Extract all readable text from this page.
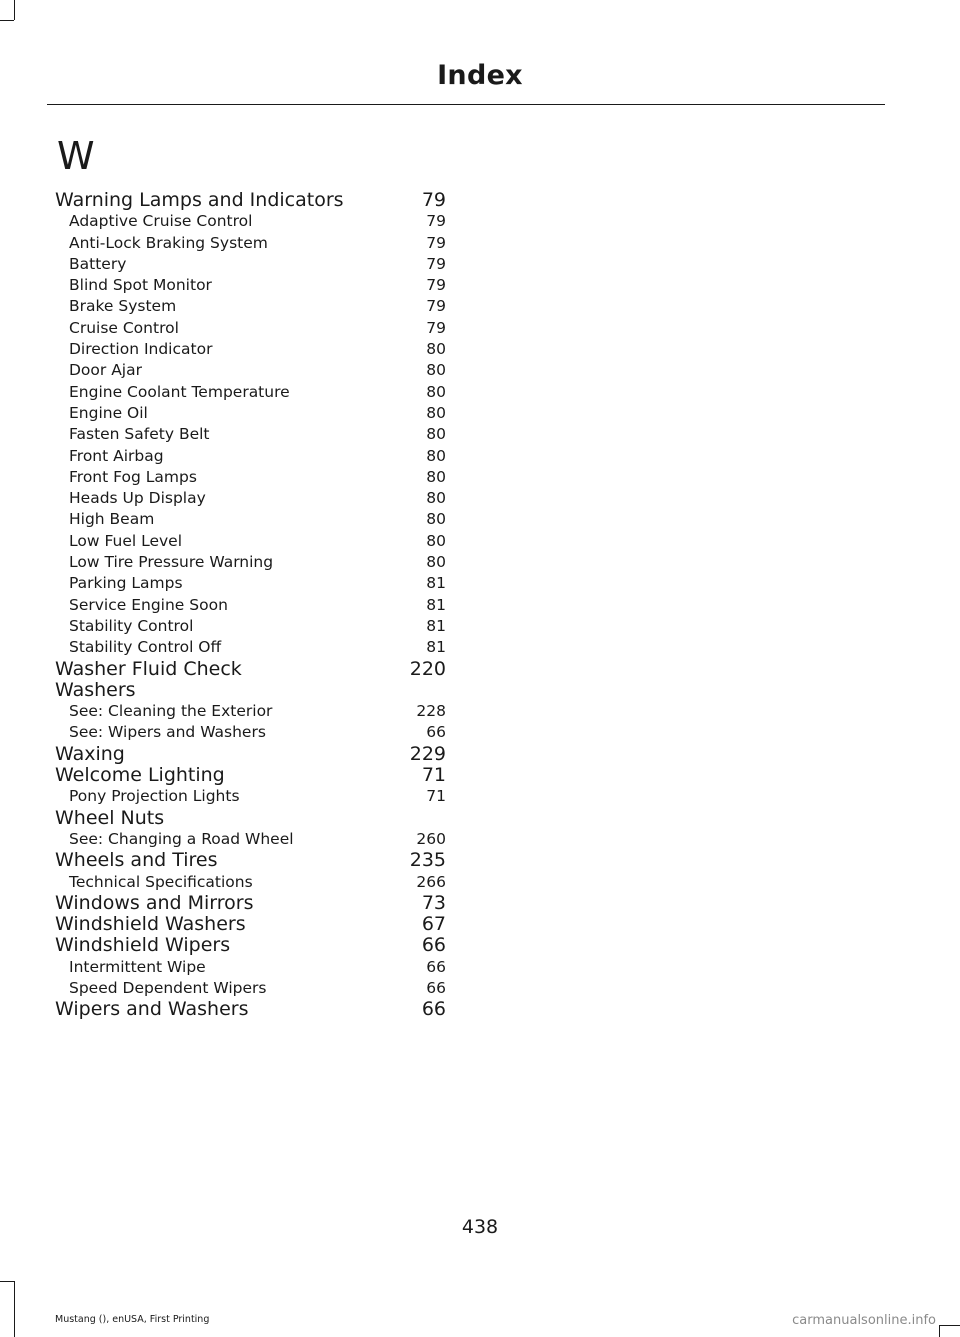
Index
W
Warning Lamps and Indicators	79
Adaptive Cruise Control	79
Anti-Lock Braking System	79
Battery	79
Blind Spot Monitor	79
Brake System	79
Cruise Control	79
Direction Indicator	80
Door Ajar	80
Engine Coolant Temperature	80
Engine Oil	80
Fasten Safety Belt	80
Front Airbag	80
Front Fog Lamps	80
Heads Up Display	80
High Beam	80
Low Fuel Level	80
Low Tire Pressure Warning	80
Parking Lamps	81
Service Engine Soon	81
Stability Control	81
Stability Control Off	81
Washer Fluid Check	220
Washers
See: Cleaning the Exterior	228
See: Wipers and Washers	66
Waxing	229
Welcome Lighting	71
Pony Projection Lights	71
Wheel Nuts
See: Changing a Road Wheel	260
Wheels and Tires	235
Technical Specifications	266
Windows and Mirrors	73
Windshield Washers	67
Windshield Wipers	66
Intermittent Wipe	66
Speed Dependent Wipers	66
Wipers and Washers	66
438
Mustang (), enUSA, First Printing	carmanualsonline.info
